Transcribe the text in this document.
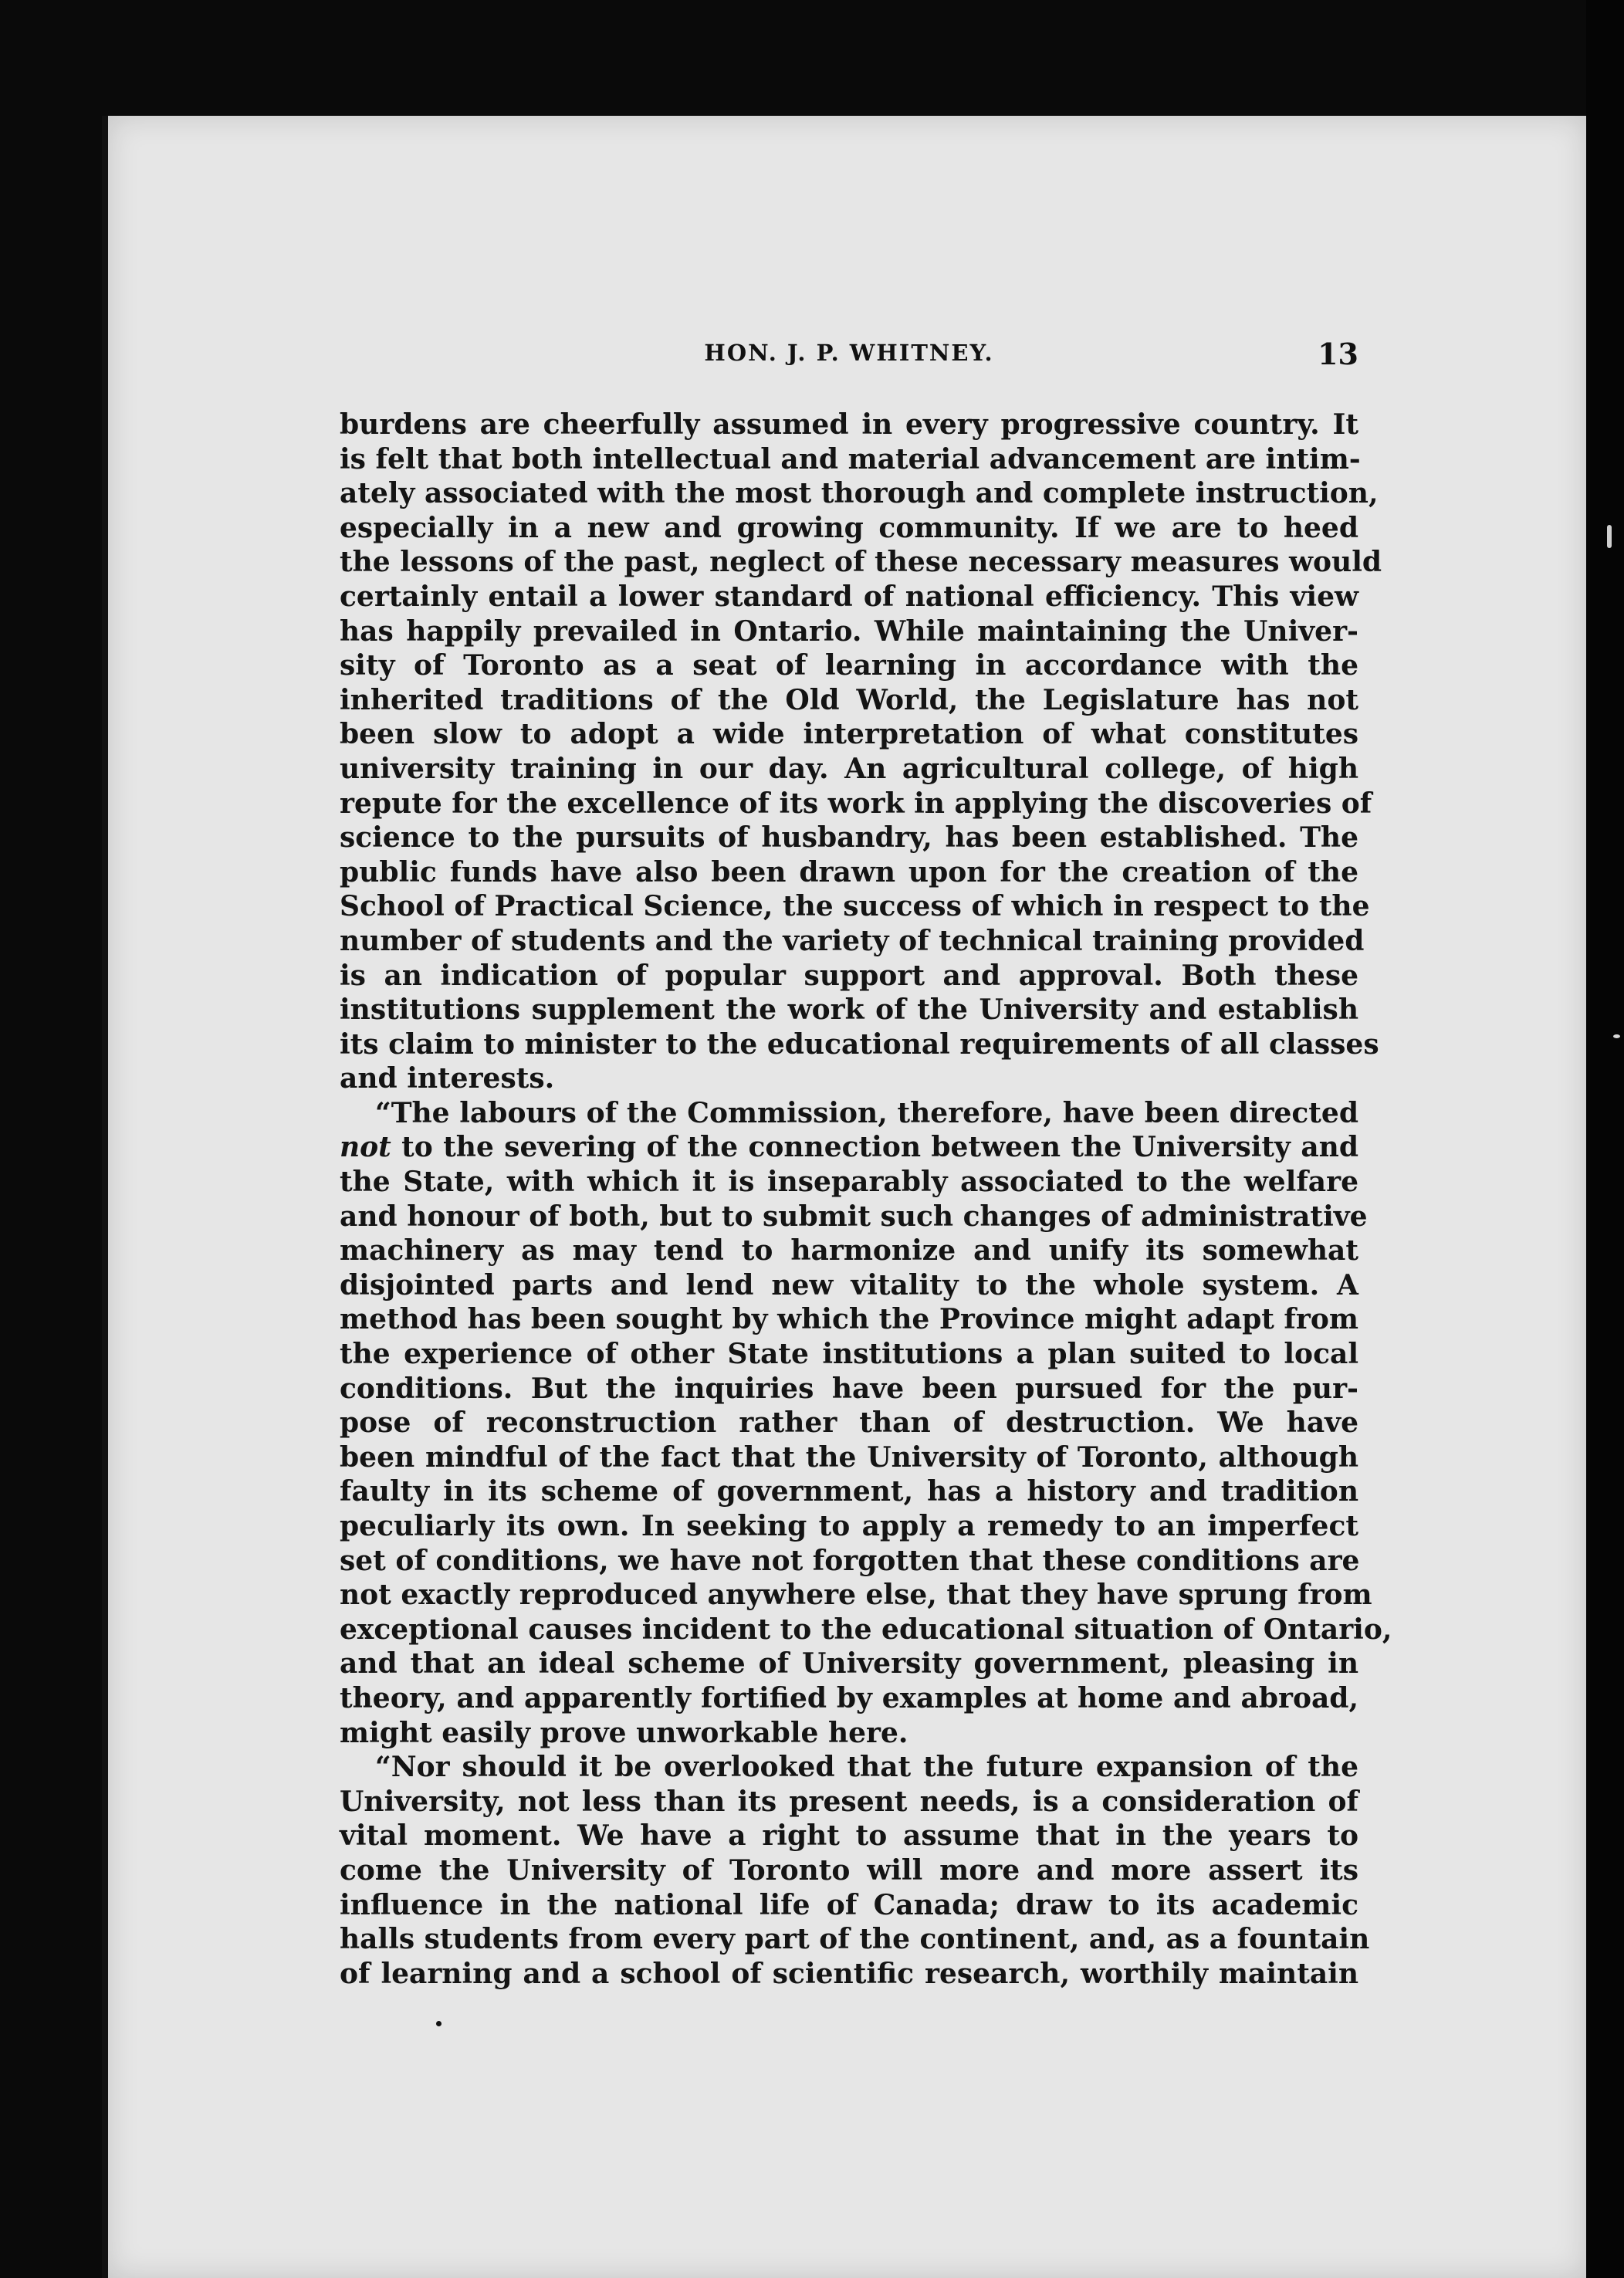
HON. J. P. WHITNEY.	13
burdens are cheerfully assumed in every progressive country. It
is felt that both intellectual and material advancement are intim-
ately associated with the most thorough and complete instruction,
especially in a new and growing community. If we are to heed
the lessons of the past, neglect of these necessary measures would
certainly entail a lower standard of national efficiency. This view
has happily prevailed in Ontario. While maintaining the Univer-
sity of Toronto as a seat of learning in accordance with the
inherited traditions of the Old World, the Legislature has not
been slow to adopt a wide interpretation of what constitutes
university training in our day. An agricultural college, of high
repute for the excellence of its work in applying the discoveries of
science to the pursuits of husbandry, has been established. The
public funds have also been drawn upon for the creation of the
School of Practical Science, the success of which in respect to the
number of students and the variety of technical training provided
is an indication of popular support and approval. Both these
institutions supplement the work of the University and establish
its claim to minister to the educational requirements of all classes
and interests.
“The labours of the Commission, therefore, have been directed
not to the severing of the connection between the University and
the State, with which it is inseparably associated to the welfare
and honour of both, but to submit such changes of administrative
machinery as may tend to harmonize and unify its somewhat
disjointed parts and lend new vitality to the whole system. A
method has been sought by which the Province might adapt from
the experience of other State institutions a plan suited to local
conditions. But the inquiries have been pursued for the pur-
pose of reconstruction rather than of destruction. We have
been mindful of the fact that the University of Toronto, although
faulty in its scheme of government, has a history and tradition
peculiarly its own. In seeking to apply a remedy to an imperfect
set of conditions, we have not forgotten that these conditions are
not exactly reproduced anywhere else, that they have sprung from
exceptional causes incident to the educational situation of Ontario,
and that an ideal scheme of University government, pleasing in
theory, and apparently fortified by examples at home and abroad,
might easily prove unworkable here.
“Nor should it be overlooked that the future expansion of the
University, not less than its present needs, is a consideration of
vital moment. We have a right to assume that in the years to
come the University of Toronto will more and more assert its
influence in the national life of Canada; draw to its academic
halls students from every part of the continent, and, as a fountain
of learning and a school of scientific research, worthily maintain
